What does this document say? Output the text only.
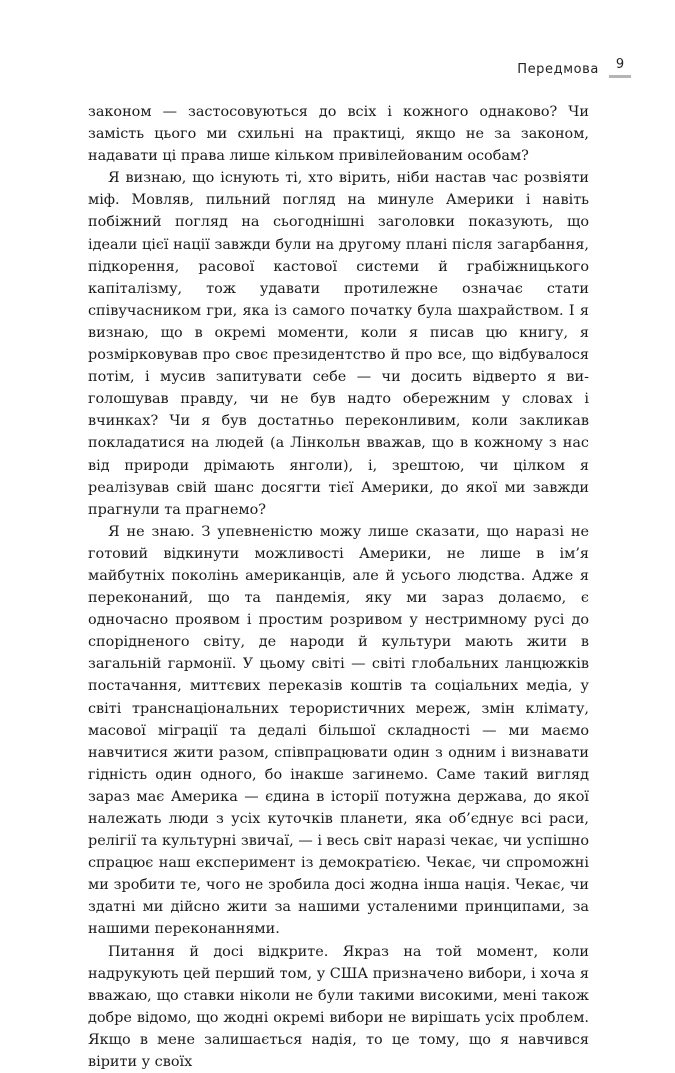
Передмова 9

законом — застосовуються до всіх і кожного однаково? Чи замість цього ми схильні на практиці, якщо не за законом, надавати ці права лише кільком привілейованим особам?

Я визнаю, що існують ті, хто вірить, ніби настав час розвіяти міф. Мовляв, пильний погляд на минуле Америки і навіть побіжний погляд на сьогоднішні заголовки показують, що ідеали цієї нації завжди були на другому плані після загарбання, підкорення, расової кастової системи й грабіжницького капіталізму, тож удавати протилежне означає стати співучасником гри, яка із самого початку була шахрайством. І я визнаю, що в окремі моменти, коли я писав цю книгу, я розмірковував про своє президентство й про все, що відбувалося потім, і мусив запитувати себе — чи досить відверто я виголошував правду, чи не був надто обережним у словах і вчинках? Чи я був достатньо переконливим, коли закликав покладатися на людей (а Лінкольн вважав, що в кожному з нас від природи дрімають янголи), і, зрештою, чи цілком я реалізував свій шанс досягти тієї Америки, до якої ми завжди прагнули та прагнемо?

Я не знаю. З упевненістю можу лише сказати, що наразі не готовий відкинути можливості Америки, не лише в ім’я майбутніх поколінь американців, але й усього людства. Адже я переконаний, що та пандемія, яку ми зараз долаємо, є одночасно проявом і простим розривом у нестримному русі до спорідненого світу, де народи й культури мають жити в загальній гармонії. У цьому світі — світі глобальних ланцюжків постачання, миттєвих переказів коштів та соціальних медіа, у світі транснаціональних терористичних мереж, змін клімату, масової міграції та дедалі більшої складності — ми маємо навчитися жити разом, співпрацювати один з одним і визнавати гідність один одного, бо інакше загинемо. Саме такий вигляд зараз має Америка — єдина в історії потужна держава, до якої належать люди з усіх куточків планети, яка об’єднує всі раси, релігії та культурні звичаї, — і весь світ наразі чекає, чи успішно спрацює наш експеримент із демократією. Чекає, чи спроможні ми зробити те, чого не зробила досі жодна інша нація. Чекає, чи здатні ми дійсно жити за нашими усталеними принципами, за нашими переконаннями.

Питання й досі відкрите. Якраз на той момент, коли надрукують цей перший том, у США призначено вибори, і хоча я вважаю, що ставки ніколи не були такими високими, мені також добре відомо, що жодні окремі вибори не вирішать усіх проблем. Якщо в мене залишається надія, то це тому, що я навчився вірити у своїх
